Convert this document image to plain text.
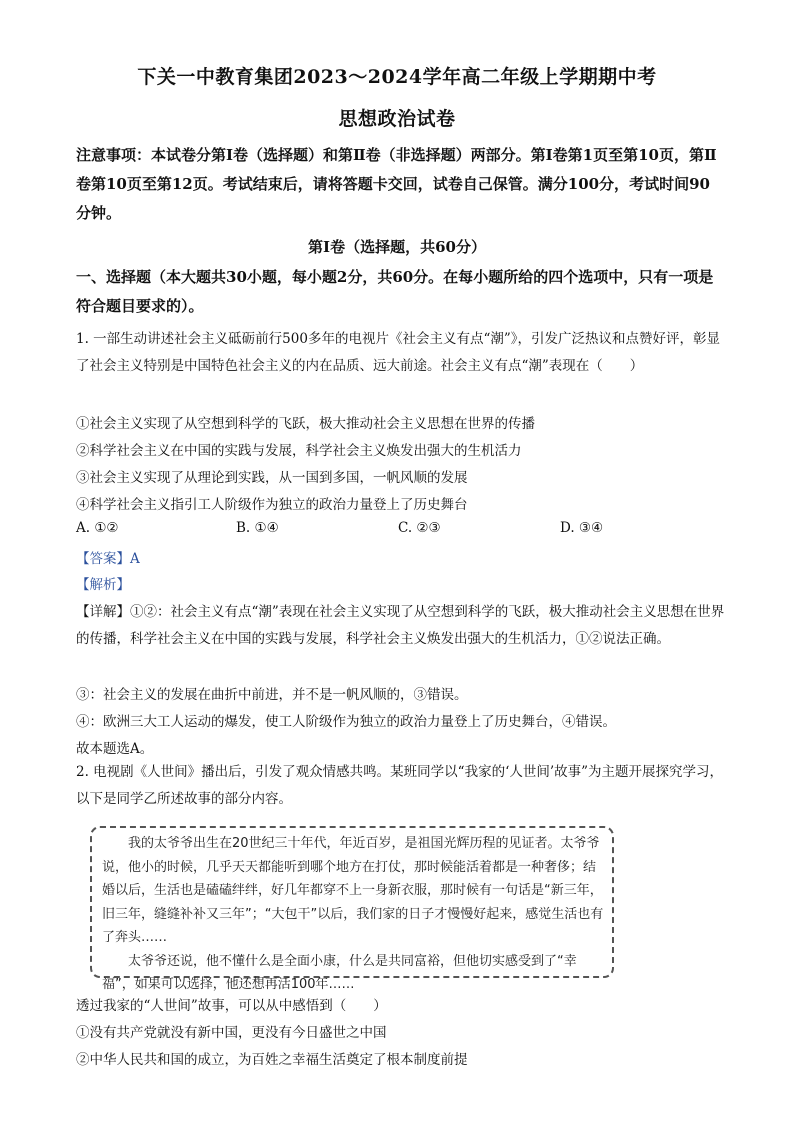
下关一中教育集团2023～2024学年高二年级上学期期中考
思想政治试卷
注意事项：本试卷分第Ⅰ卷（选择题）和第Ⅱ卷（非选择题）两部分。第Ⅰ卷第1页至第10页，第Ⅱ卷第10页至第12页。考试结束后，请将答题卡交回，试卷自己保管。满分100分，考试时间90分钟。
第Ⅰ卷（选择题，共60分）
一、选择题（本大题共30小题，每小题2分，共60分。在每小题所给的四个选项中，只有一项是符合题目要求的）。
1. 一部生动讲述社会主义砥砺前行500多年的电视片《社会主义有点“潮”》，引发广泛热议和点赞好评，彰显了社会主义特别是中国特色社会主义的内在品质、远大前途。社会主义有点“潮”表现在（　　）
①社会主义实现了从空想到科学的飞跃，极大推动社会主义思想在世界的传播
②科学社会主义在中国的实践与发展，科学社会主义焕发出强大的生机活力
③社会主义实现了从理论到实践，从一国到多国，一帆风顺的发展
④科学社会主义指引工人阶级作为独立的政治力量登上了历史舞台
A. ①②	B. ①④	C. ②③	D. ③④
【答案】A
【解析】
【详解】①②：社会主义有点“潮”表现在社会主义实现了从空想到科学的飞跃，极大推动社会主义思想在世界的传播，科学社会主义在中国的实践与发展，科学社会主义焕发出强大的生机活力，①②说法正确。
③：社会主义的发展在曲折中前进，并不是一帆风顺的，③错误。
④：欧洲三大工人运动的爆发，使工人阶级作为独立的政治力量登上了历史舞台，④错误。
故本题选A。
2. 电视剧《人世间》播出后，引发了观众情感共鸣。某班同学以“我家的‘人世间’故事”为主题开展探究学习，以下是同学乙所述故事的部分内容。

我的太爷爷出生在20世纪三十年代，年近百岁，是祖国光辉历程的见证者。太爷爷说，他小的时候，几乎天天都能听到哪个地方在打仗，那时候能活着都是一种奢侈；结婚以后，生活也是磕磕绊绊，好几年都穿不上一身新衣服，那时候有一句话是“新三年，旧三年，缝缝补补又三年”；“大包干”以后，我们家的日子才慢慢好起来，感觉生活也有了奔头……

太爷爷还说，他不懂什么是全面小康，什么是共同富裕，但他切实感受到了“幸福”，如果可以选择，他还想再活100年……

透过我家的“人世间”故事，可以从中感悟到（　　）
①没有共产党就没有新中国，更没有今日盛世之中国
②中华人民共和国的成立，为百姓之幸福生活奠定了根本制度前提
